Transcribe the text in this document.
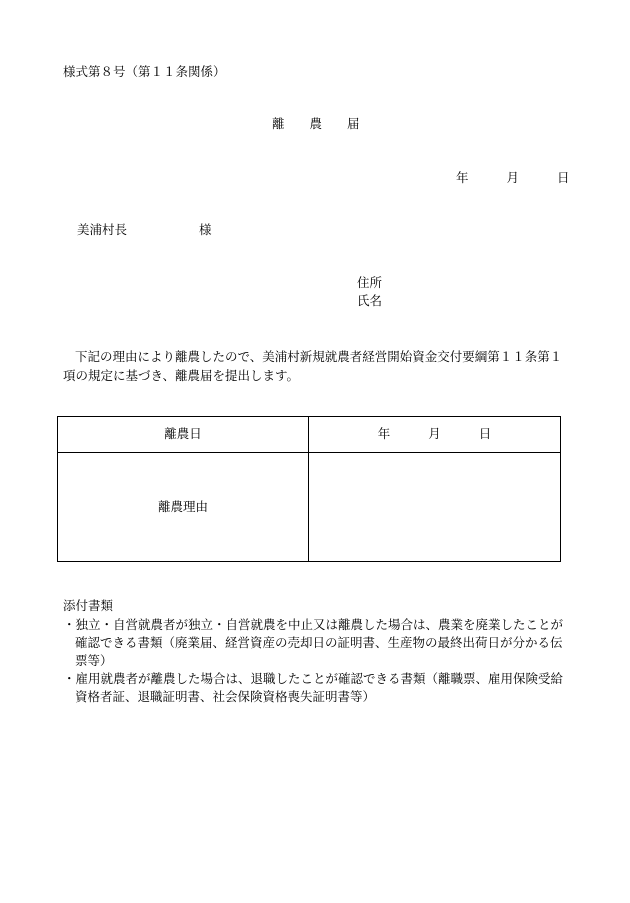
様式第８号（第１１条関係）
離 農 届
年	月	日
美浦村長	様
住所
氏名
下記の理由により離農したので、美浦村新規就農者経営開始資金交付要綱第１１条第１項の規定に基づき、離農届を提出します。
離農日	年 月 日
離農理由	
添付書類
・独立・自営就農者が独立・自営就農を中止又は離農した場合は、農業を廃業したことが確認できる書類（廃業届、経営資産の売却日の証明書、生産物の最終出荷日が分かる伝票等）
・雇用就農者が離農した場合は、退職したことが確認できる書類（離職票、雇用保険受給資格者証、退職証明書、社会保険資格喪失証明書等）
